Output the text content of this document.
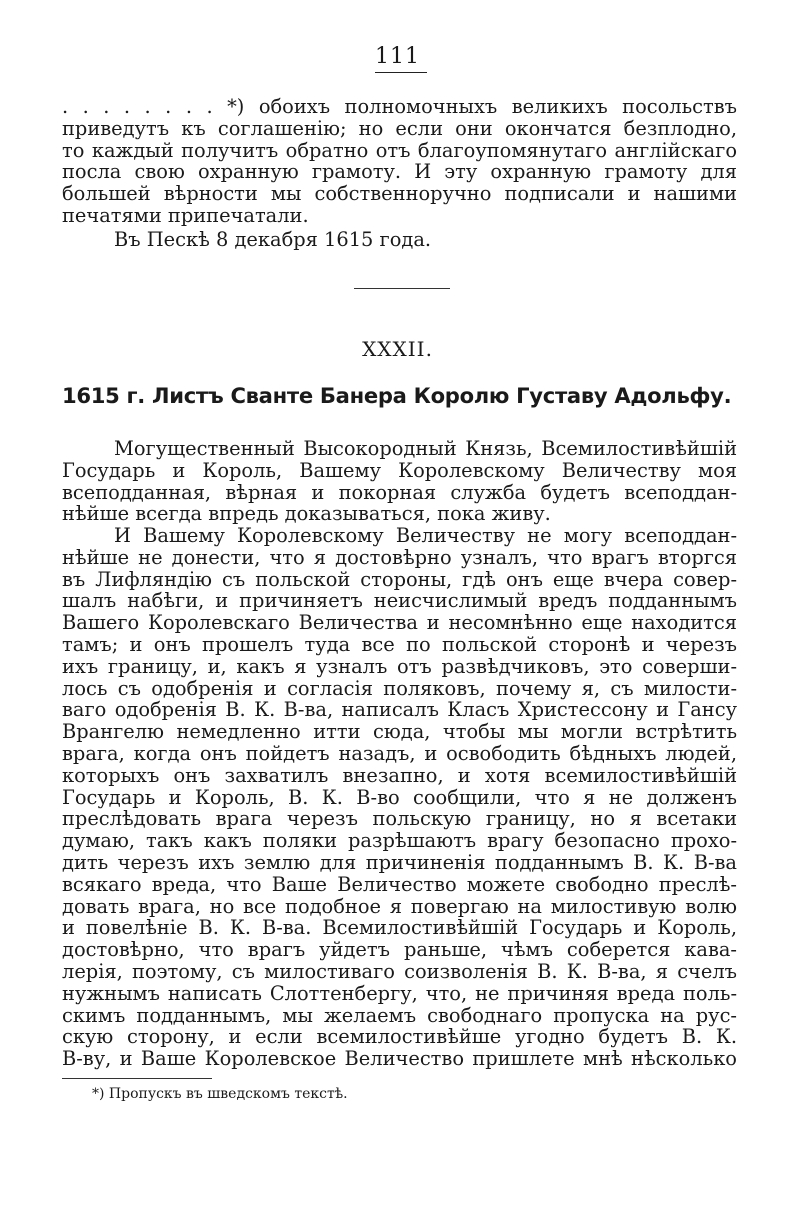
111
. . . . . . . . *) обоихъ полномочныхъ великихъ посольствъ
приведутъ къ соглашенію; но если они окончатся безплодно,
то каждый получитъ обратно отъ благоупомянутаго англійскаго
посла свою охранную грамоту. И эту охранную грамоту для
большей вѣрности мы собственноручно подписали и нашими
печатями припечатали.
Въ Пескѣ 8 декабря 1615 года.
XXXII.
1615 г. Листъ Сванте Банера Королю Густаву Адольфу.
Могущественный Высокородный Князь, Всемилостивѣйшій
Государь и Король, Вашему Королевскому Величеству моя
всеподданная, вѣрная и покорная служба будетъ всеподдан-
нѣйше всегда впредь доказываться, пока живу.
И Вашему Королевскому Величеству не могу всеподдан-
нѣйше не донести, что я достовѣрно узналъ, что врагъ вторгся
въ Лифляндію съ польской стороны, гдѣ онъ еще вчера совер-
шалъ набѣги, и причиняетъ неисчислимый вредъ подданнымъ
Вашего Королевскаго Величества и несомнѣнно еще находится
тамъ; и онъ прошелъ туда все по польской сторонѣ и черезъ
ихъ границу, и, какъ я узналъ отъ развѣдчиковъ, это соверши-
лось съ одобренія и согласія поляковъ, почему я, съ милости-
ваго одобренія В. К. В-ва, написалъ Класъ Христессону и Гансу
Врангелю немедленно итти сюда, чтобы мы могли встрѣтить
врага, когда онъ пойдетъ назадъ, и освободить бѣдныхъ людей,
которыхъ онъ захватилъ внезапно, и хотя всемилостивѣйшій
Государь и Король, В. К. В-во сообщили, что я не долженъ
преслѣдовать врага черезъ польскую границу, но я всетаки
думаю, такъ какъ поляки разрѣшаютъ врагу безопасно прохо-
дить черезъ ихъ землю для причиненія подданнымъ В. К. В-ва
всякаго вреда, что Ваше Величество можете свободно преслѣ-
довать врага, но все подобное я повергаю на милостивую волю
и повелѣніе В. К. В-ва. Всемилостивѣйшій Государь и Король,
достовѣрно, что врагъ уйдетъ раньше, чѣмъ соберется кава-
лерія, поэтому, съ милостиваго соизволенія В. К. В-ва, я счелъ
нужнымъ написать Слоттенбергу, что, не причиняя вреда поль-
скимъ подданнымъ, мы желаемъ свободнаго пропуска на рус-
скую сторону, и если всемилостивѣйше угодно будетъ В. К.
В-ву, и Ваше Королевское Величество пришлете мнѣ нѣсколько
*) Пропускъ въ шведскомъ текстѣ.
